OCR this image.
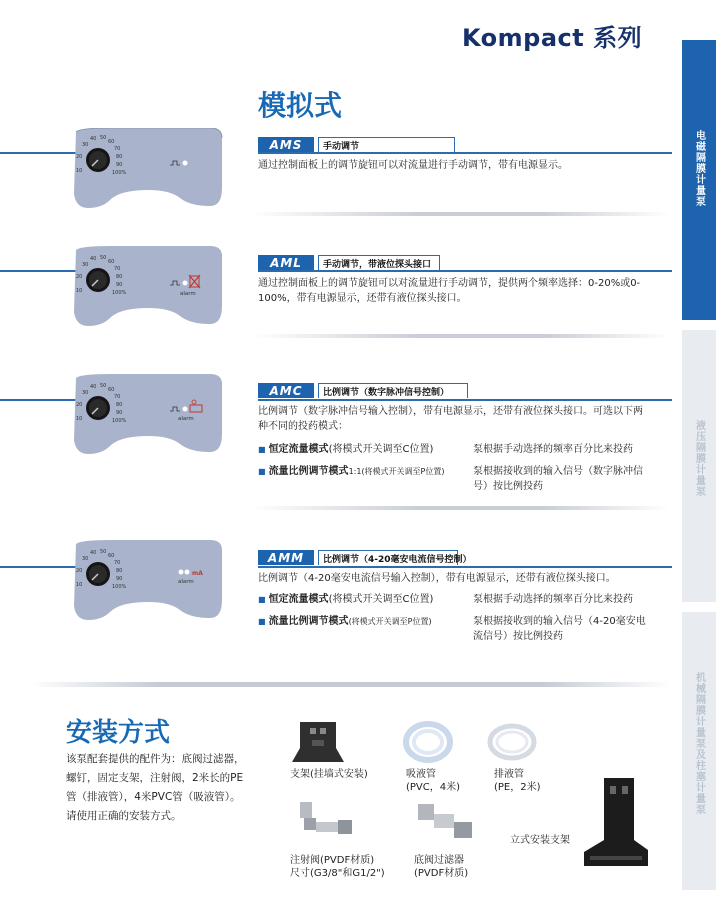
Kompact 系列
模拟式
电磁隔膜计量泵
液压隔膜计量泵
机械隔膜计量泵及柱塞计量泵
10
20
30
40 50
60
70
80
90
100%
AMS	手动调节
通过控制面板上的调节旋钮可以对流量进行手动调节，带有电源显示。
10
20
30
40 50
60
70
80
90
100%	alarm
AML	手动调节，带液位探头接口
通过控制面板上的调节旋钮可以对流量进行手动调节，提供两个频率选择：0-20%或0-100%，带有电源显示，还带有液位探头接口。
10
20
30
40 50
60
70
80
90
100%	alarm
AMC	比例调节（数字脉冲信号控制）
比例调节（数字脉冲信号输入控制），带有电源显示，还带有液位探头接口。可选以下两种不同的投药模式：
■ 恒定流量模式(将模式开关调至C位置)	泵根据手动选择的频率百分比来投药
■ 流量比例调节模式1:1(将模式开关调至P位置)	泵根据接收到的输入信号（数字脉冲信号）按比例投药
10
20
30
40 50
60
70
80
90
100%
mA
alarm
AMM	比例调节（4-20毫安电流信号控制）
比例调节（4-20毫安电流信号输入控制），带有电源显示，还带有液位探头接口。
■ 恒定流量模式(将模式开关调至C位置)	泵根据手动选择的频率百分比来投药
■ 流量比例调节模式(将模式开关调至P位置)	泵根据接收到的输入信号（4-20毫安电流信号）按比例投药
安装方式
该泵配套提供的配件为：底阀过滤器，螺钉，固定支架，注射阀，2米长的PE管（排液管），4米PVC管（吸液管）。
请使用正确的安装方式。
支架(挂墙式安装)	吸液管
(PVC，4米)
排液管
(PE，2米)
注射阀(PVDF材质)
尺寸(G3/8"和G1/2")
底阀过滤器
(PVDF材质)
立式安装支架
